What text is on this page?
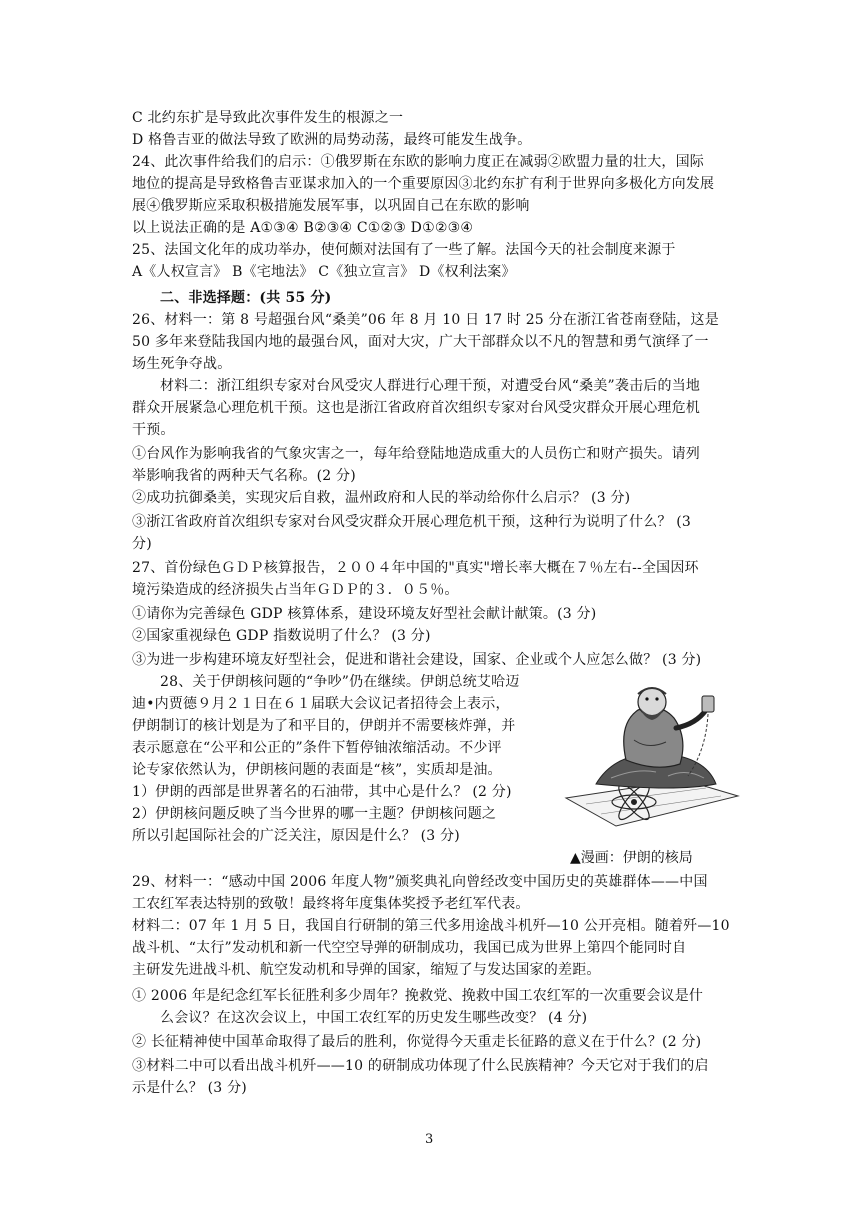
C 北约东扩是导致此次事件发生的根源之一
D 格鲁吉亚的做法导致了欧洲的局势动荡，最终可能发生战争。
24、此次事件给我们的启示：①俄罗斯在东欧的影响力度正在减弱②欧盟力量的壮大，国际
地位的提高是导致格鲁吉亚谋求加入的一个重要原因③北约东扩有利于世界向多极化方向发展
展④俄罗斯应采取积极措施发展军事，以巩固自己在东欧的影响
以上说法正确的是 A①③④ B②③④ C①②③ D①②③④
25、法国文化年的成功举办，使何颇对法国有了一些了解。法国今天的社会制度来源于
A《人权宣言》 B《宅地法》 C《独立宣言》 D《权利法案》
二、非选择题：(共 55 分)
26、材料一：第 8 号超强台风“桑美”06 年 8 月 10 日 17 时 25 分在浙江省苍南登陆，这是
50 多年来登陆我国内地的最强台风，面对大灾，广大干部群众以不凡的智慧和勇气演绎了一
场生死争夺战。
材料二：浙江组织专家对台风受灾人群进行心理干预，对遭受台风“桑美”袭击后的当地
群众开展紧急心理危机干预。这也是浙江省政府首次组织专家对台风受灾群众开展心理危机
干预。
①台风作为影响我省的气象灾害之一，每年给登陆地造成重大的人员伤亡和财产损失。请列
举影响我省的两种天气名称。(2 分)
②成功抗御桑美，实现灾后自救，温州政府和人民的举动给你什么启示？ (3 分)
③浙江省政府首次组织专家对台风受灾群众开展心理危机干预，这种行为说明了什么？ (3
分)
27、首份绿色ＧＤＰ核算报告，２００４年中国的"真实"增长率大概在７％左右--全国因环
境污染造成的经济损失占当年ＧＤＰ的３．０５％。
①请你为完善绿色 GDP 核算体系，建设环境友好型社会献计献策。(3 分)
②国家重视绿色 GDP 指数说明了什么？ (3 分)
③为进一步构建环境友好型社会，促进和谐社会建设，国家、企业或个人应怎么做？ (3 分)
28、关于伊朗核问题的“争吵”仍在继续。伊朗总统艾哈迈
迪•内贾德９月２１日在６１届联大会议记者招待会上表示，
伊朗制订的核计划是为了和平目的，伊朗并不需要核炸弹，并
表示愿意在“公平和公正的”条件下暂停铀浓缩活动。不少评
论专家依然认为，伊朗核问题的表面是“核”，实质却是油。
1）伊朗的西部是世界著名的石油带，其中心是什么？ (2 分)
2）伊朗核问题反映了当今世界的哪一主题？伊朗核问题之
所以引起国际社会的广泛关注，原因是什么？ (3 分)
▲漫画：伊朗的核局
29、材料一：“感动中国 2006 年度人物”颁奖典礼向曾经改变中国历史的英雄群体——中国
工农红军表达特别的致敬！最终将年度集体奖授予老红军代表。
材料二：07 年 1 月 5 日，我国自行研制的第三代多用途战斗机歼—10 公开亮相。随着歼—10
战斗机、“太行”发动机和新一代空空导弹的研制成功，我国已成为世界上第四个能同时自
主研发先进战斗机、航空发动机和导弹的国家，缩短了与发达国家的差距。
① 2006 年是纪念红军长征胜利多少周年？挽救党、挽救中国工农红军的一次重要会议是什
么会议？在这次会议上，中国工农红军的历史发生哪些改变？ (4 分)
② 长征精神使中国革命取得了最后的胜利，你觉得今天重走长征路的意义在于什么？(2 分)
③材料二中可以看出战斗机歼——10 的研制成功体现了什么民族精神？今天它对于我们的启
示是什么？ (3 分)
3
